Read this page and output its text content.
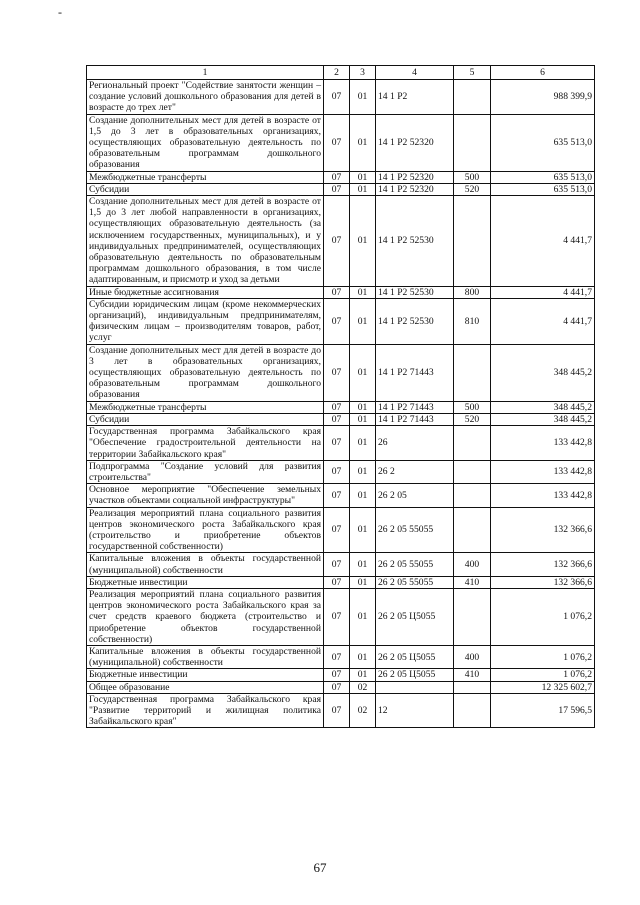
-
1	2	3	4	5	6
Региональный проект "Содействие занятости женщин – создание условий дошкольного образования для детей в возрасте до трех лет"	07	01	14 1 P2		988 399,9
Создание дополнительных мест для детей в возрасте от 1,5 до 3 лет в образовательных организациях, осуществляющих образовательную деятельность по образовательным программам дошкольного образования	07	01	14 1 P2 52320		635 513,0
Межбюджетные трансферты	07	01	14 1 P2 52320	500	635 513,0
Субсидии	07	01	14 1 P2 52320	520	635 513,0
Создание дополнительных мест для детей в возрасте от 1,5 до 3 лет любой направленности в организациях, осуществляющих образовательную деятельность (за исключением государственных, муниципальных), и у индивидуальных предпринимателей, осуществляющих образовательную деятельность по образовательным программам дошкольного образования, в том числе адаптированным, и присмотр и уход за детьми	07	01	14 1 P2 52530		4 441,7
Иные бюджетные ассигнования	07	01	14 1 P2 52530	800	4 441,7
Субсидии юридическим лицам (кроме некоммерческих организаций), индивидуальным предпринимателям, физическим лицам – производителям товаров, работ, услуг	07	01	14 1 P2 52530	810	4 441,7
Создание дополнительных мест для детей в возрасте до 3 лет в образовательных организациях, осуществляющих образовательную деятельность по образовательным программам дошкольного образования	07	01	14 1 P2 71443		348 445,2
Межбюджетные трансферты	07	01	14 1 P2 71443	500	348 445,2
Субсидии	07	01	14 1 P2 71443	520	348 445,2
Государственная программа Забайкальского края "Обеспечение градостроительной деятельности на территории Забайкальского края"	07	01	26		133 442,8
Подпрограмма "Создание условий для развития строительства"	07	01	26 2		133 442,8
Основное мероприятие "Обеспечение земельных участков объектами социальной инфраструктуры"	07	01	26 2 05		133 442,8
Реализация мероприятий плана социального развития центров экономического роста Забайкальского края (строительство и приобретение объектов государственной собственности)	07	01	26 2 05 55055		132 366,6
Капитальные вложения в объекты государственной (муниципальной) собственности	07	01	26 2 05 55055	400	132 366,6
Бюджетные инвестиции	07	01	26 2 05 55055	410	132 366,6
Реализация мероприятий плана социального развития центров экономического роста Забайкальского края за счет средств краевого бюджета (строительство и приобретение объектов государственной собственности)	07	01	26 2 05 Ц5055		1 076,2
Капитальные вложения в объекты государственной (муниципальной) собственности	07	01	26 2 05 Ц5055	400	1 076,2
Бюджетные инвестиции	07	01	26 2 05 Ц5055	410	1 076,2
Общее образование	07	02			12 325 602,7
Государственная программа Забайкальского края "Развитие территорий и жилищная политика Забайкальского края"	07	02	12		17 596,5
67
